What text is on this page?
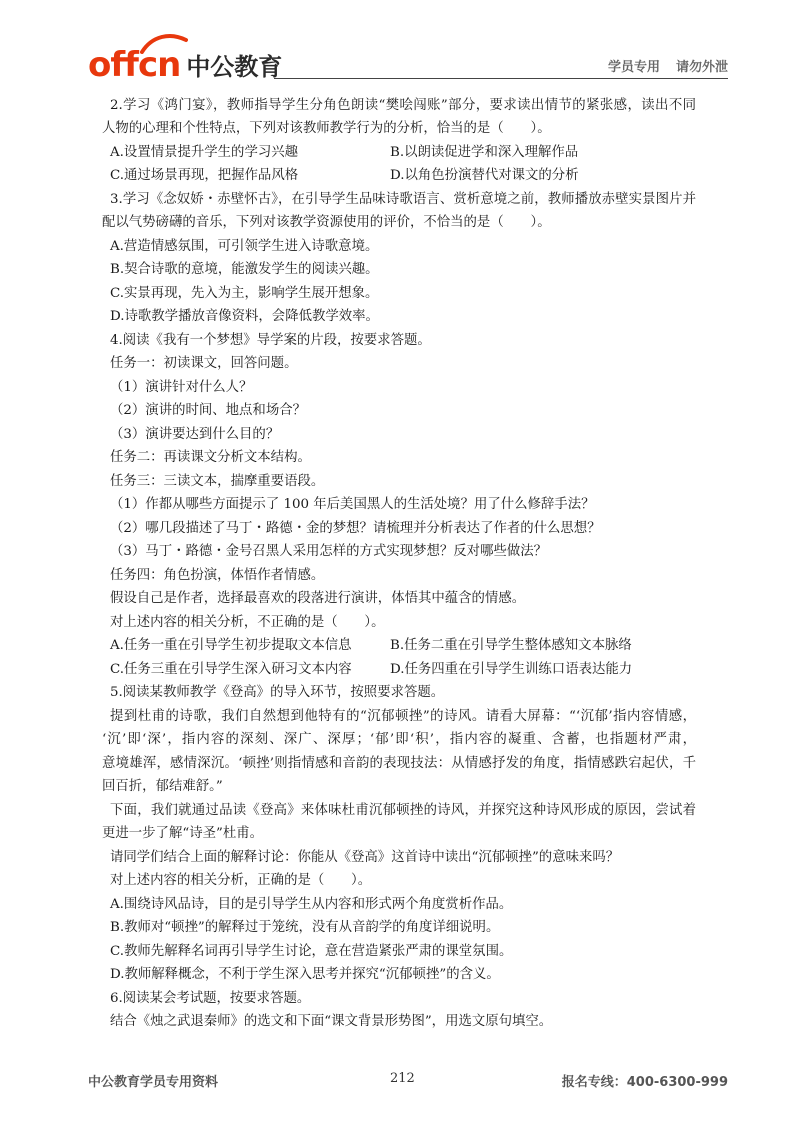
offcn 中公教育	学员专用 请勿外泄
2.学习《鸿门宴》，教师指导学生分角色朗读“樊哙闯账”部分，要求读出情节的紧张感，读出不同
人物的心理和个性特点，下列对该教师教学行为的分析，恰当的是（　　）。
A.设置情景提升学生的学习兴趣	B.以朗读促进学和深入理解作品
C.通过场景再现，把握作品风格	D.以角色扮演替代对课文的分析
3.学习《念奴娇・赤壁怀古》，在引导学生品味诗歌语言、赏析意境之前，教师播放赤壁实景图片并
配以气势磅礴的音乐，下列对该教学资源使用的评价，不恰当的是（　　）。
A.营造情感氛围，可引领学生进入诗歌意境。
B.契合诗歌的意境，能激发学生的阅读兴趣。
C.实景再现，先入为主，影响学生展开想象。
D.诗歌教学播放音像资料，会降低教学效率。
4.阅读《我有一个梦想》导学案的片段，按要求答题。
任务一：初读课文，回答问题。
（1）演讲针对什么人？
（2）演讲的时间、地点和场合？
（3）演讲要达到什么目的？
任务二：再读课文分析文本结构。
任务三：三读文本，揣摩重要语段。
（1）作都从哪些方面提示了 100 年后美国黑人的生活处境？用了什么修辞手法？
（2）哪几段描述了马丁・路德・金的梦想？请梳理并分析表达了作者的什么思想？
（3）马丁・路德・金号召黑人采用怎样的方式实现梦想？反对哪些做法？
任务四：角色扮演，体悟作者情感。
假设自己是作者，选择最喜欢的段落进行演讲，体悟其中蕴含的情感。
对上述内容的相关分析，不正确的是（　　）。
A.任务一重在引导学生初步提取文本信息	B.任务二重在引导学生整体感知文本脉络
C.任务三重在引导学生深入研习文本内容	D.任务四重在引导学生训练口语表达能力
5.阅读某教师教学《登高》的导入环节，按照要求答题。
提到杜甫的诗歌，我们自然想到他特有的“沉郁顿挫”的诗风。请看大屏幕：“‘沉郁’指内容情感，
‘沉’即‘深’，指内容的深刻、深广、深厚；‘郁’即‘积’，指内容的凝重、含蓄，也指题材严肃，
意境雄浑，感情深沉。‘顿挫’则指情感和音韵的表现技法：从情感抒发的角度，指情感跌宕起伏，千
回百折，郁结难舒。”
下面，我们就通过品读《登高》来体味杜甫沉郁顿挫的诗风，并探究这种诗风形成的原因，尝试着
更进一步了解“诗圣”杜甫。
请同学们结合上面的解释讨论：你能从《登高》这首诗中读出“沉郁顿挫”的意味来吗？
对上述内容的相关分析，正确的是（　　）。
A.围绕诗风品诗，目的是引导学生从内容和形式两个角度赏析作品。
B.教师对“顿挫”的解释过于笼统，没有从音韵学的角度详细说明。
C.教师先解释名词再引导学生讨论，意在营造紧张严肃的课堂氛围。
D.教师解释概念，不利于学生深入思考并探究“沉郁顿挫”的含义。
6.阅读某会考试题，按要求答题。
结合《烛之武退秦师》的选文和下面“课文背景形势图”，用选文原句填空。
中公教育学员专用资料	212	报名专线：400-6300-999
